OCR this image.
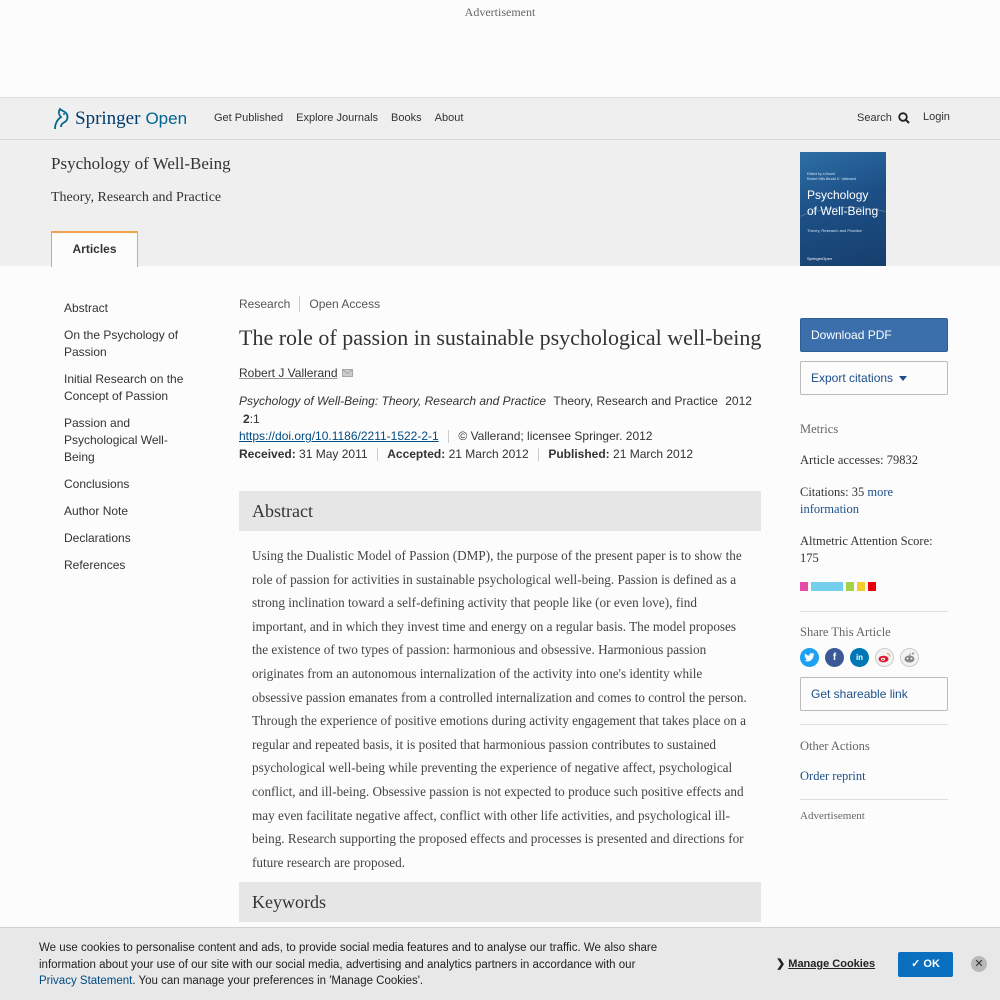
Advertisement
Springer Open Get Published Explore Journals Books About	Search	Login
Psychology of Well-Being
Theory, Research and Practice
Articles
Edited by a Board
Robert Hills Bicalci E. Vallerand
Psychology
of Well-Being
Theory, Research and Practice
SpringerOpen
Abstract
On the Psychology of Passion
Initial Research on the Concept of Passion
Passion and Psychological Well-Being
Conclusions
Author Note
Declarations
References
Research Open Access
The role of passion in sustainable psychological well-being
Robert J Vallerand
Psychology of Well-Being: Theory, Research and Practice Theory, Research and Practice 2012 2:1
https://doi.org/10.1186/2211-1522-2-1 © Vallerand; licensee Springer. 2012
Received: 31 May 2011 Accepted: 21 March 2012 Published: 21 March 2012
Abstract

Using the Dualistic Model of Passion (DMP), the purpose of the present paper is to show the role of passion for activities in sustainable psychological well-being. Passion is defined as a strong inclination toward a self-defining activity that people like (or even love), find important, and in which they invest time and energy on a regular basis. The model proposes the existence of two types of passion: harmonious and obsessive. Harmonious passion originates from an autonomous internalization of the activity into one's identity while obsessive passion emanates from a controlled internalization and comes to control the person. Through the experience of positive emotions during activity engagement that takes place on a regular and repeated basis, it is posited that harmonious passion contributes to sustained psychological well-being while preventing the experience of negative affect, psychological conflict, and ill-being. Obsessive passion is not expected to produce such positive effects and may even facilitate negative affect, conflict with other life activities, and psychological ill-being. Research supporting the proposed effects and processes is presented and directions for future research are proposed.

Keywords
Download PDF
Export citations
Metrics
Article accesses: 79832
Citations: 35 more information
Altmetric Attention Score: 175
Share This Article
f	in
Get shareable link
Other Actions
Order reprint
Advertisement
We use cookies to personalise content and ads, to provide social media features and to analyse our traffic. We also share information about your use of our site with our social media, advertising and analytics partners in accordance with our Privacy Statement. You can manage your preferences in 'Manage Cookies'.
❯ Manage Cookies	✓ OK	✕
